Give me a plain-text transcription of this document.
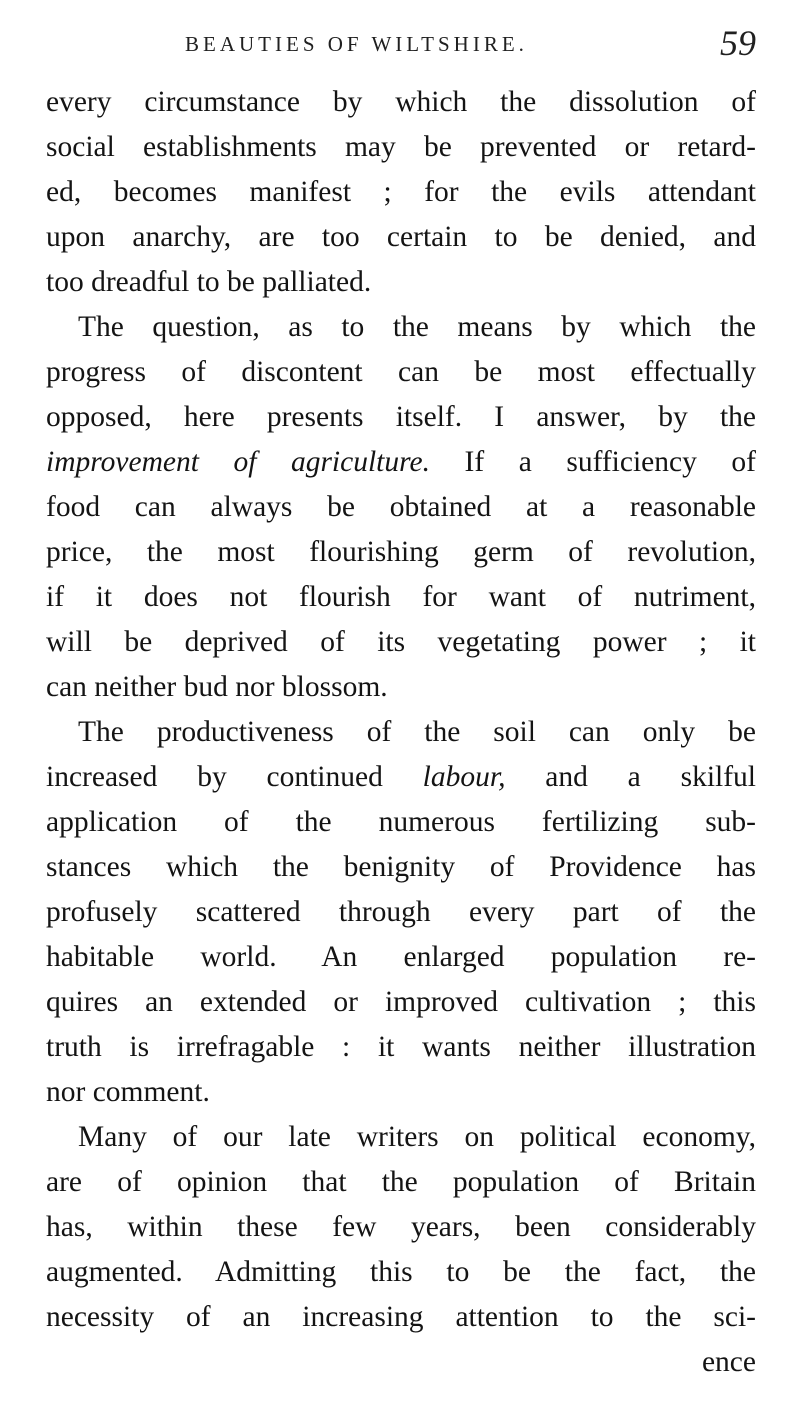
BEAUTIES OF WILTSHIRE.	59
every circumstance by which the dissolution of
social establishments may be prevented or retard-
ed, becomes manifest ; for the evils attendant
upon anarchy, are too certain to be denied, and
too dreadful to be palliated.
The question, as to the means by which the
progress of discontent can be most effectually
opposed, here presents itself. I answer, by the
improvement of agriculture. If a sufficiency of
food can always be obtained at a reasonable
price, the most flourishing germ of revolution,
if it does not flourish for want of nutriment,
will be deprived of its vegetating power ; it
can neither bud nor blossom.
The productiveness of the soil can only be
increased by continued labour, and a skilful
application of the numerous fertilizing sub-
stances which the benignity of Providence has
profusely scattered through every part of the
habitable world. An enlarged population re-
quires an extended or improved cultivation ; this
truth is irrefragable : it wants neither illustration
nor comment.
Many of our late writers on political economy,
are of opinion that the population of Britain
has, within these few years, been considerably
augmented. Admitting this to be the fact, the
necessity of an increasing attention to the sci-
ence
